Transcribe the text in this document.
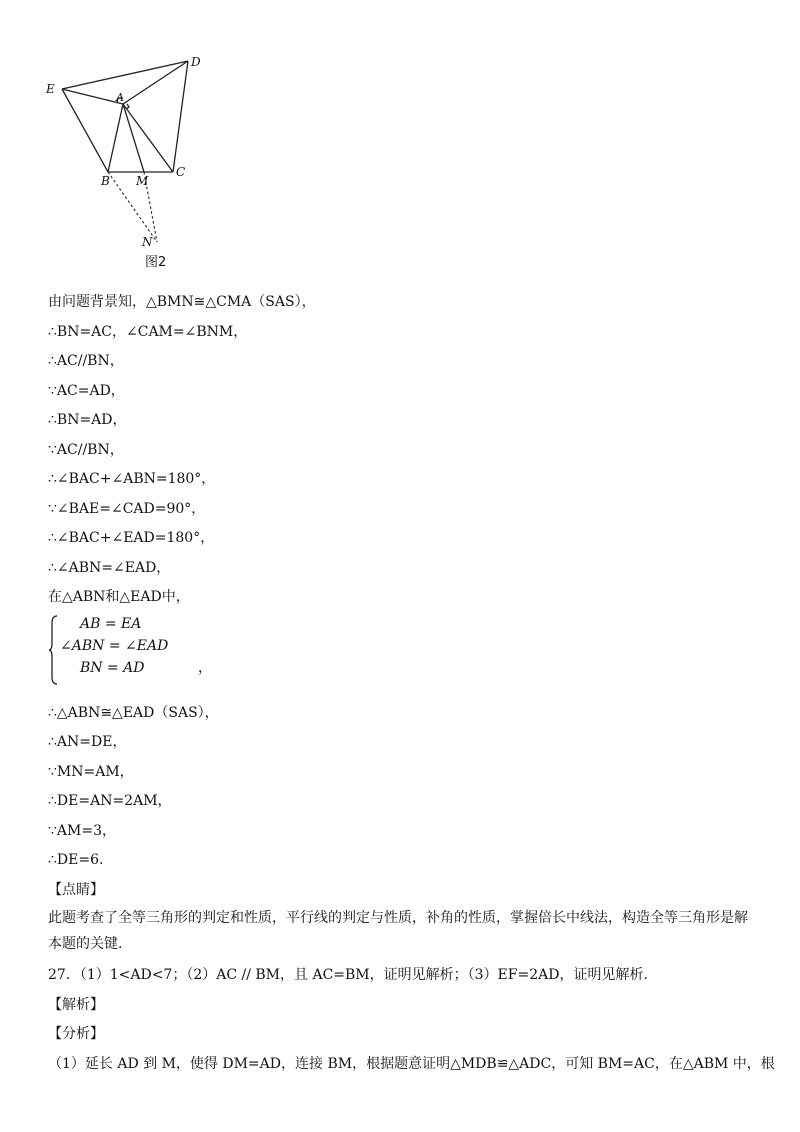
E
D
A
B M
C
N
图2
由问题背景知，△BMN≅△CMA（SAS），
∴BN=AC，∠CAM=∠BNM，
∴AC//BN，
∵AC=AD，
∴BN=AD，
∵AC//BN，
∴∠BAC+∠ABN=180°，
∵∠BAE=∠CAD=90°，
∴∠BAC+∠EAD=180°，
∴∠ABN=∠EAD，
在△ABN和△EAD中，
AB = EA
∠ABN = ∠EAD
BN = AD	，
∴△ABN≅△EAD（SAS），
∴AN=DE，
∵MN=AM，
∴DE=AN=2AM，
∵AM=3，
∴DE=6.
【点睛】
此题考查了全等三角形的判定和性质，平行线的判定与性质，补角的性质，掌握倍长中线法，构造全等三角形是解本题的关键.
27．（1）1<AD<7；（2）AC // BM，且 AC=BM，证明见解析；（3）EF=2AD，证明见解析.
【解析】
【分析】
（1）延长 AD 到 M，使得 DM=AD，连接 BM，根据题意证明△MDB≌△ADC，可知 BM=AC，在△ABM 中，根
